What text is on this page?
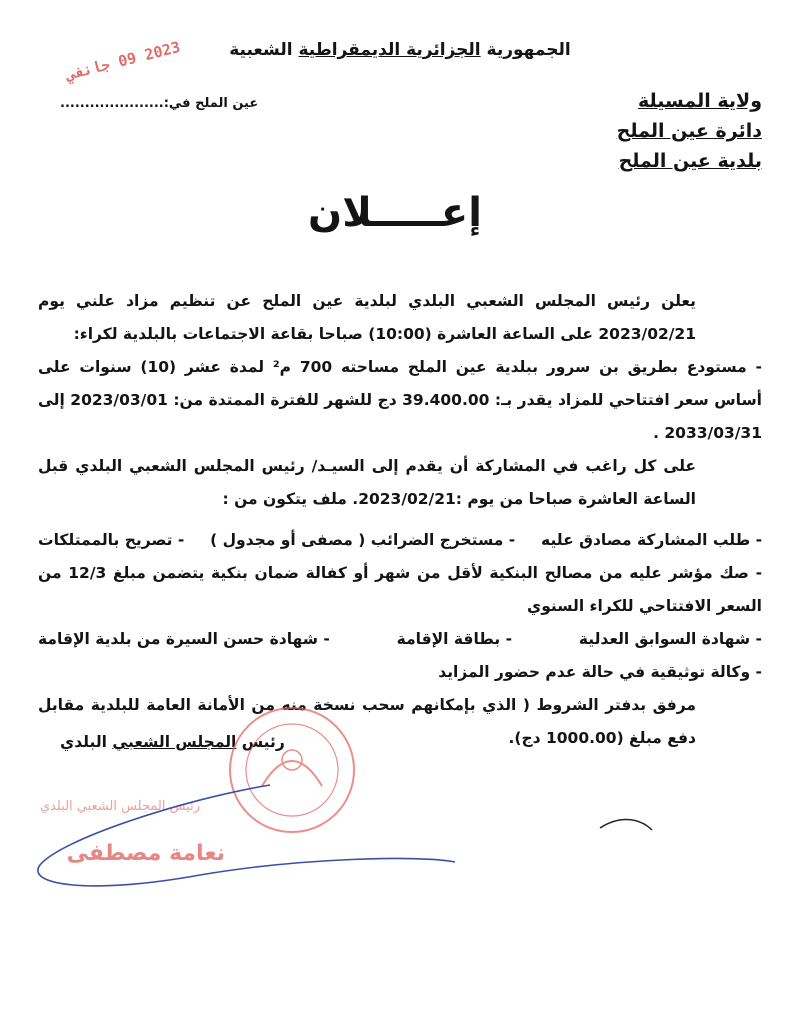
الجمهورية الجزائرية الديمقراطية الشعبية
ولاية المسيلة
دائرة عين الملح
بلدية عين الملح
عين الملح في:.....................
2023 09 جانفي
إعـــــلان

يعلن رئيس المجلس الشعبي البلدي لبلدية عين الملح عن تنظيم مزاد علني يوم 2023/02/21 على الساعة العاشرة (10:00) صباحا بقاعة الاجتماعات بالبلدية لكراء:

- مستودع بطريق بن سرور ببلدية عين الملح مساحته 700 م² لمدة عشر (10) سنوات على أساس سعر افتتاحي للمزاد يقدر بـ: 39.400.00 دج للشهر للفترة الممتدة من: 2023/03/01 إلى 2033/03/31 .

على كل راغب في المشاركة أن يقدم إلى السيـد/ رئيس المجلس الشعبي البلدي قبل الساعة العاشرة صباحا من يوم :2023/02/21. ملف يتكون من :

- طلب المشاركة مصادق عليه
- مستخرج الضرائب ( مصفى أو مجدول )
- تصريح بالممتلكات

- صك مؤشر عليه من مصالح البنكية لأقل من شهر أو كفالة ضمان بنكية يتضمن مبلغ 12/3 من السعر الافتتاحي للكراء السنوي

- شهادة السوابق العدلية
- بطاقة الإقامة
- شهادة حسن السيرة من بلدية الإقامة

- وكالة توثيقية في حالة عدم حضور المزايد

مرفق بدفتر الشروط ( الذي بإمكانهم سحب نسخة منه من الأمانة العامة للبلدية مقابل دفع مبلغ (1000.00 دج).

رئيس المجلس الشعبي البلدي
رئيس المجلس الشعبي البلدي
نعامة مصطفى
